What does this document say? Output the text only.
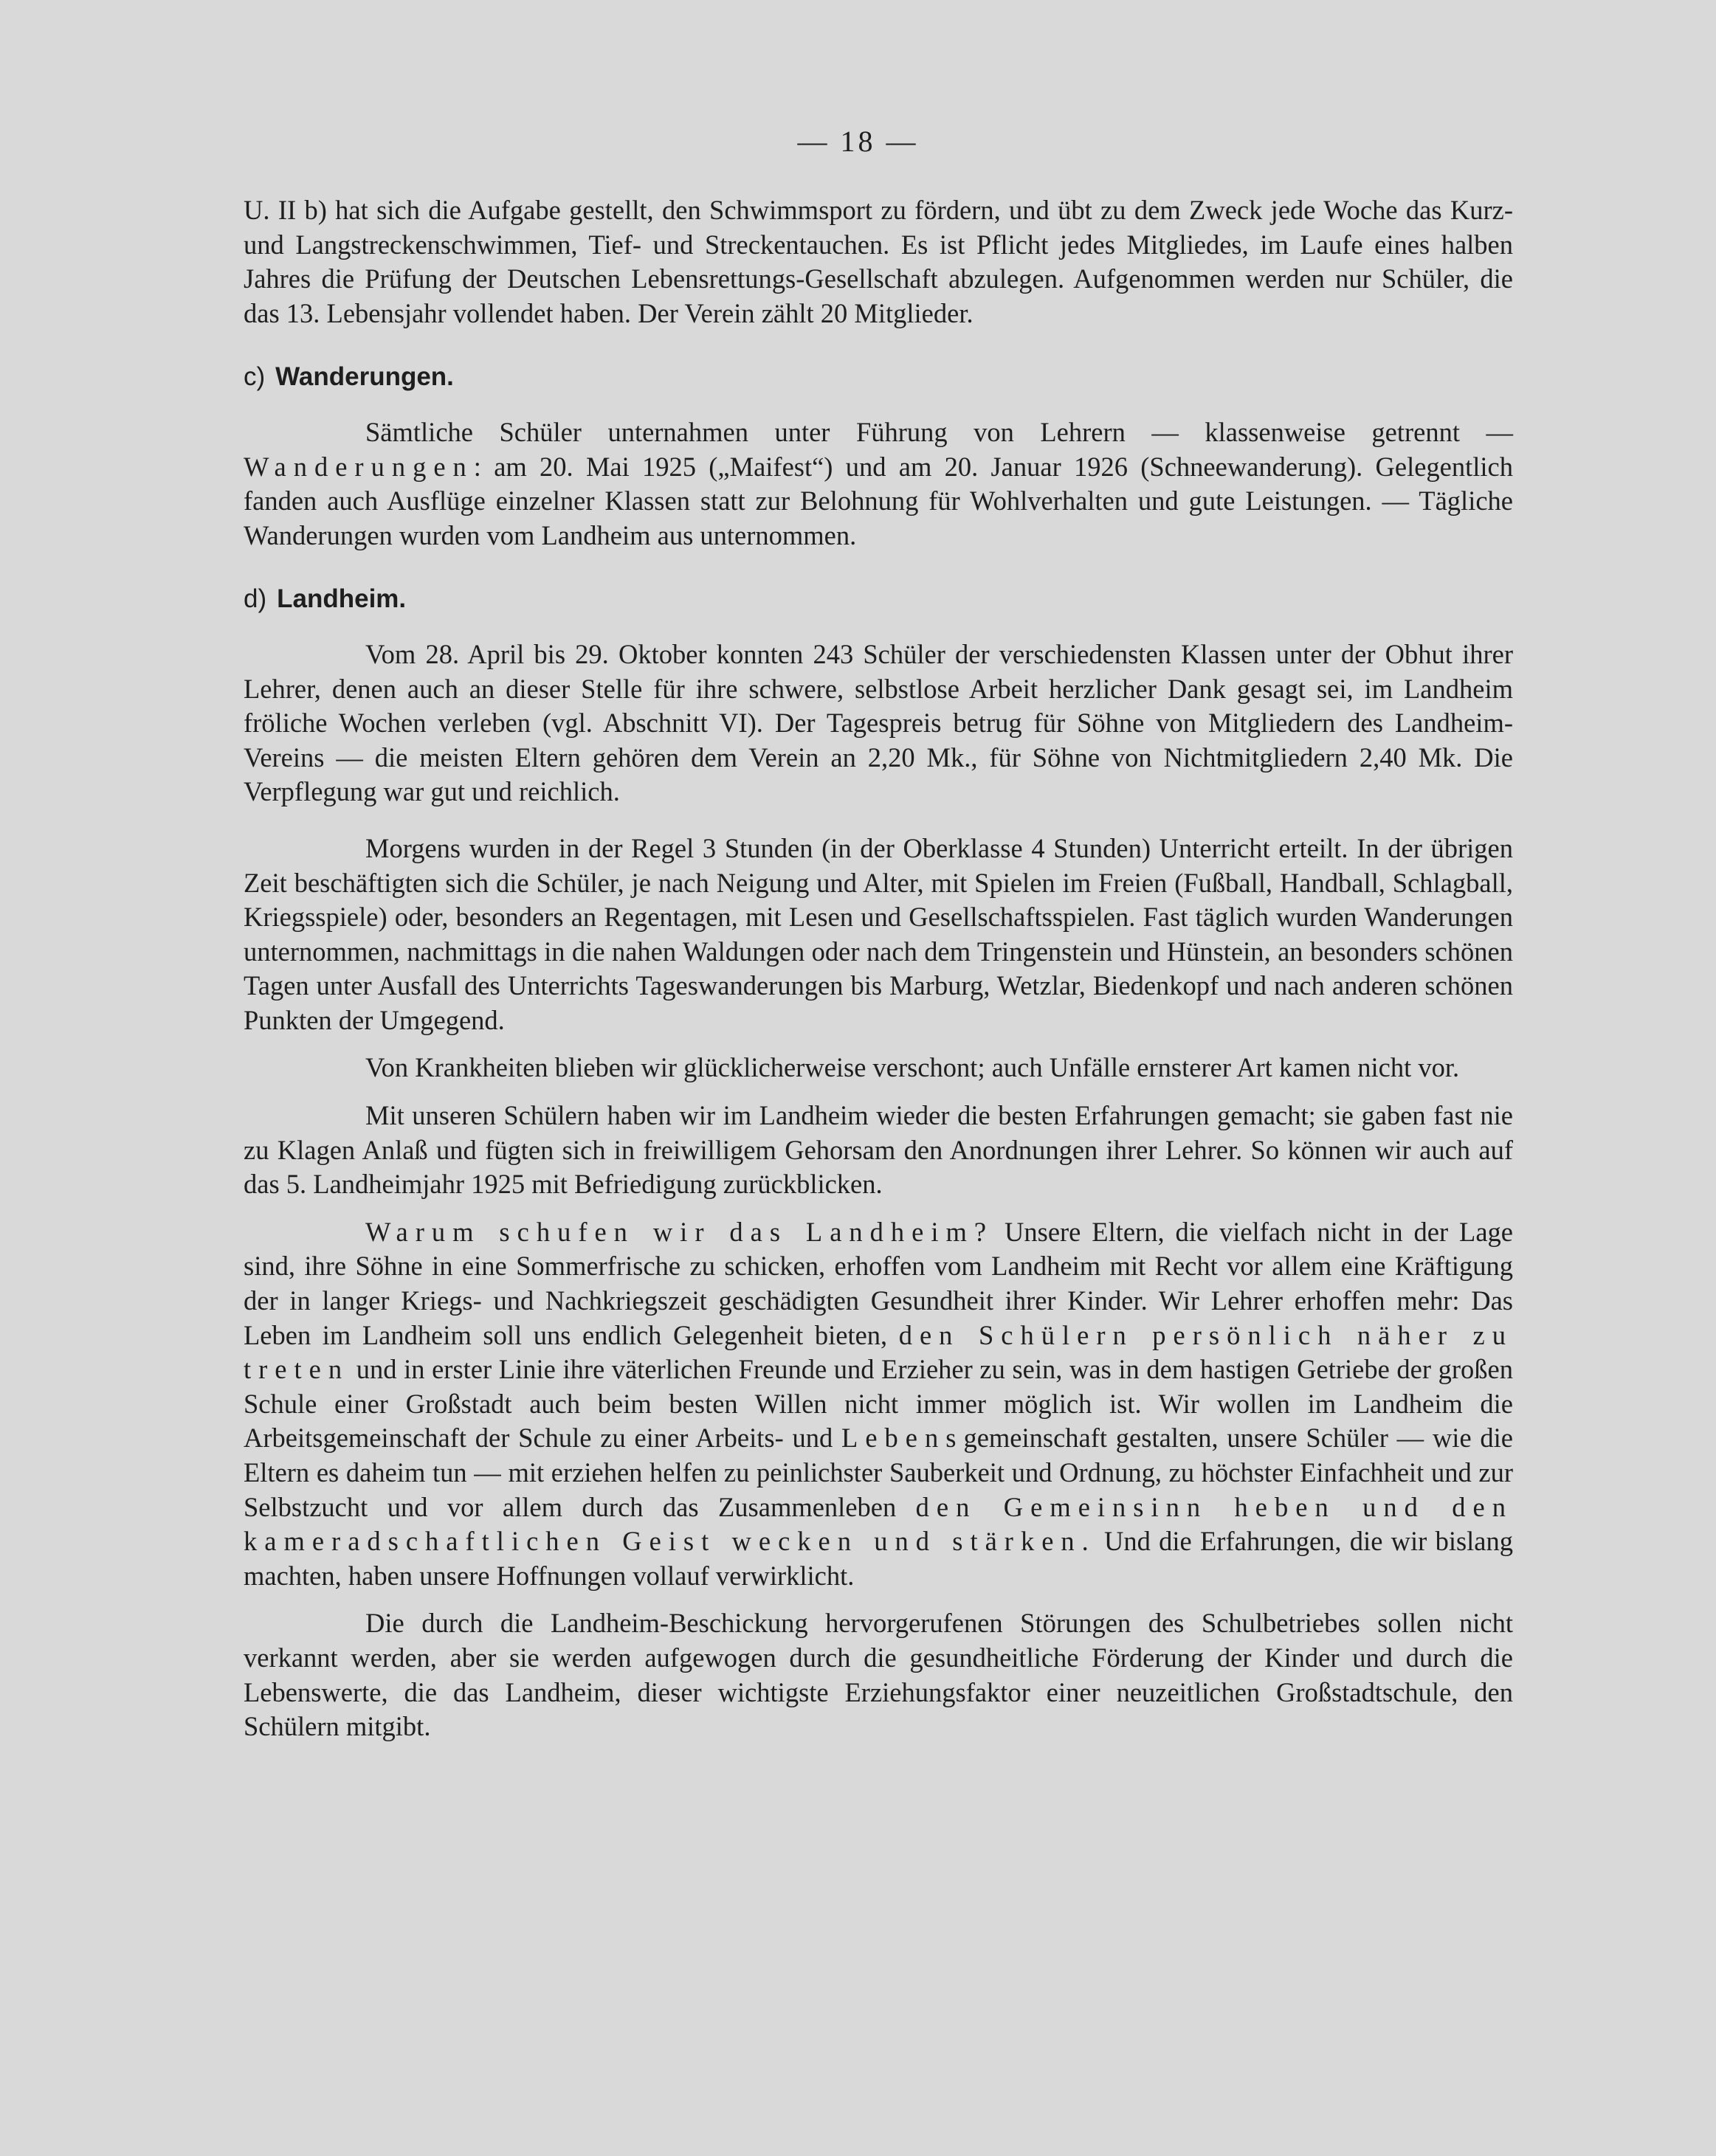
— 18 —

U. II b) hat sich die Aufgabe gestellt, den Schwimmsport zu fördern, und übt zu dem Zweck jede Woche das Kurz- und Langstreckenschwimmen, Tief- und Streckentauchen. Es ist Pflicht jedes Mitgliedes, im Laufe eines halben Jahres die Prüfung der Deutschen Lebensrettungs-Gesellschaft abzulegen. Aufgenommen werden nur Schüler, die das 13. Lebensjahr vollendet haben. Der Verein zählt 20 Mitglieder.

c) Wanderungen.

Sämtliche Schüler unternahmen unter Führung von Lehrern — klassenweise getrennt — Wanderungen: am 20. Mai 1925 („Maifest“) und am 20. Januar 1926 (Schneewanderung). Gelegentlich fanden auch Ausflüge einzelner Klassen statt zur Belohnung für Wohlverhalten und gute Leistungen. — Tägliche Wanderungen wurden vom Landheim aus unternommen.

d) Landheim.

Vom 28. April bis 29. Oktober konnten 243 Schüler der verschiedensten Klassen unter der Obhut ihrer Lehrer, denen auch an dieser Stelle für ihre schwere, selbstlose Arbeit herzlicher Dank gesagt sei, im Landheim fröliche Wochen verleben (vgl. Abschnitt VI). Der Tagespreis betrug für Söhne von Mitgliedern des Landheim-Vereins — die meisten Eltern gehören dem Verein an 2,20 Mk., für Söhne von Nichtmitgliedern 2,40 Mk. Die Verpflegung war gut und reichlich.

Morgens wurden in der Regel 3 Stunden (in der Oberklasse 4 Stunden) Unterricht erteilt. In der übrigen Zeit beschäftigten sich die Schüler, je nach Neigung und Alter, mit Spielen im Freien (Fußball, Handball, Schlagball, Kriegsspiele) oder, besonders an Regentagen, mit Lesen und Gesellschaftsspielen. Fast täglich wurden Wanderungen unternommen, nachmittags in die nahen Waldungen oder nach dem Tringenstein und Hünstein, an besonders schönen Tagen unter Ausfall des Unterrichts Tageswanderungen bis Marburg, Wetzlar, Biedenkopf und nach anderen schönen Punkten der Umgegend.

Von Krankheiten blieben wir glücklicherweise verschont; auch Unfälle ernsterer Art kamen nicht vor.

Mit unseren Schülern haben wir im Landheim wieder die besten Erfahrungen gemacht; sie gaben fast nie zu Klagen Anlaß und fügten sich in freiwilligem Gehorsam den Anordnungen ihrer Lehrer. So können wir auch auf das 5. Landheimjahr 1925 mit Befriedigung zurückblicken.

Warum schufen wir das Landheim? Unsere Eltern, die vielfach nicht in der Lage sind, ihre Söhne in eine Sommerfrische zu schicken, erhoffen vom Landheim mit Recht vor allem eine Kräftigung der in langer Kriegs- und Nachkriegszeit geschädigten Gesundheit ihrer Kinder. Wir Lehrer erhoffen mehr: Das Leben im Landheim soll uns endlich Gelegenheit bieten, den Schülern persönlich näher zu treten und in erster Linie ihre väterlichen Freunde und Erzieher zu sein, was in dem hastigen Getriebe der großen Schule einer Großstadt auch beim besten Willen nicht immer möglich ist. Wir wollen im Landheim die Arbeitsgemeinschaft der Schule zu einer Arbeits- und Lebensgemeinschaft gestalten, unsere Schüler — wie die Eltern es daheim tun — mit erziehen helfen zu peinlichster Sauberkeit und Ordnung, zu höchster Einfachheit und zur Selbstzucht und vor allem durch das Zusammenleben den Gemeinsinn heben und den kameradschaftlichen Geist wecken und stärken. Und die Erfahrungen, die wir bislang machten, haben unsere Hoffnungen vollauf verwirklicht.

Die durch die Landheim-Beschickung hervorgerufenen Störungen des Schulbetriebes sollen nicht verkannt werden, aber sie werden aufgewogen durch die gesundheitliche Förderung der Kinder und durch die Lebenswerte, die das Landheim, dieser wichtigste Erziehungsfaktor einer neuzeitlichen Großstadtschule, den Schülern mitgibt.
